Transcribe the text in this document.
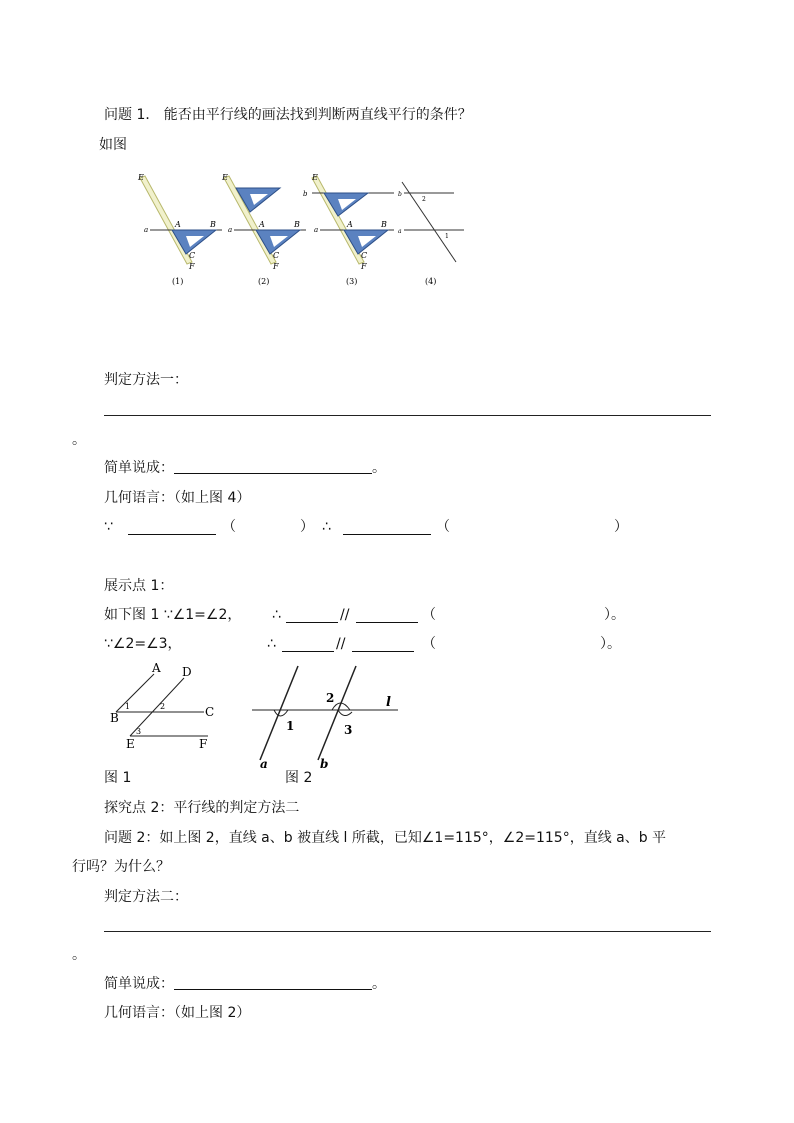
问题 1． 能否由平行线的画法找到判断两直线平行的条件？
如图
E
a
A	B
C
F
(1)
E
a
A	B
C
F
(2)
E
b
a
A	B
C
F
(3)
b
a
2
1
(4)
判定方法一：
。
简单说成：	。
几何语言：（如上图 4）
∵	（	） ∴	（	）
展示点 1：
如下图 1 ∵∠1=∠2， ∴	//	（	）。
∵∠2=∠3，	∴	//	（	）。
A D
B	C
E	F
1	2
3
图 1
2
1	3
l
a	b
图 2
探究点 2：平行线的判定方法二
问题 2：如上图 2，直线 a、b 被直线 l 所截，已知∠1=115°，∠2=115°，直线 a、b 平
行吗？为什么？
判定方法二：
。
简单说成：	。
几何语言：（如上图 2）
